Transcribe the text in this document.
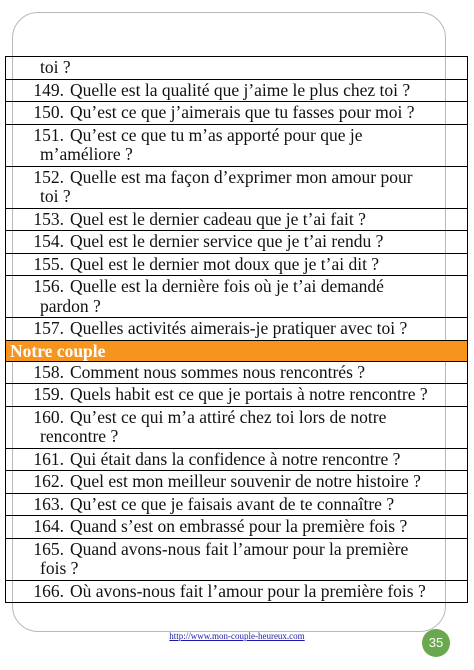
toi ?
149. Quelle est la qualité que j’aime le plus chez toi ?
150. Qu’est ce que j’aimerais que tu fasses pour moi ?
151. Qu’est ce que tu m’as apporté pour que je
m’améliore ?
152. Quelle est ma façon d’exprimer mon amour pour
toi ?
153. Quel est le dernier cadeau que je t’ai fait ?
154. Quel est le dernier service que je t’ai rendu ?
155. Quel est le dernier mot doux que je t’ai dit ?
156. Quelle est la dernière fois où je t’ai demandé
pardon ?
157. Quelles activités aimerais-je pratiquer avec toi ?
Notre couple
158. Comment nous sommes nous rencontrés ?
159. Quels habit est ce que je portais à notre rencontre ?
160. Qu’est ce qui m’a attiré chez toi lors de notre
rencontre ?
161. Qui était dans la confidence à notre rencontre ?
162. Quel est mon meilleur souvenir de notre histoire ?
163. Qu’est ce que je faisais avant de te connaître ?
164. Quand s’est on embrassé pour la première fois ?
165. Quand avons-nous fait l’amour pour la première
fois ?
166. Où avons-nous fait l’amour pour la première fois ?
http://www.mon-couple-heureux.com	35
